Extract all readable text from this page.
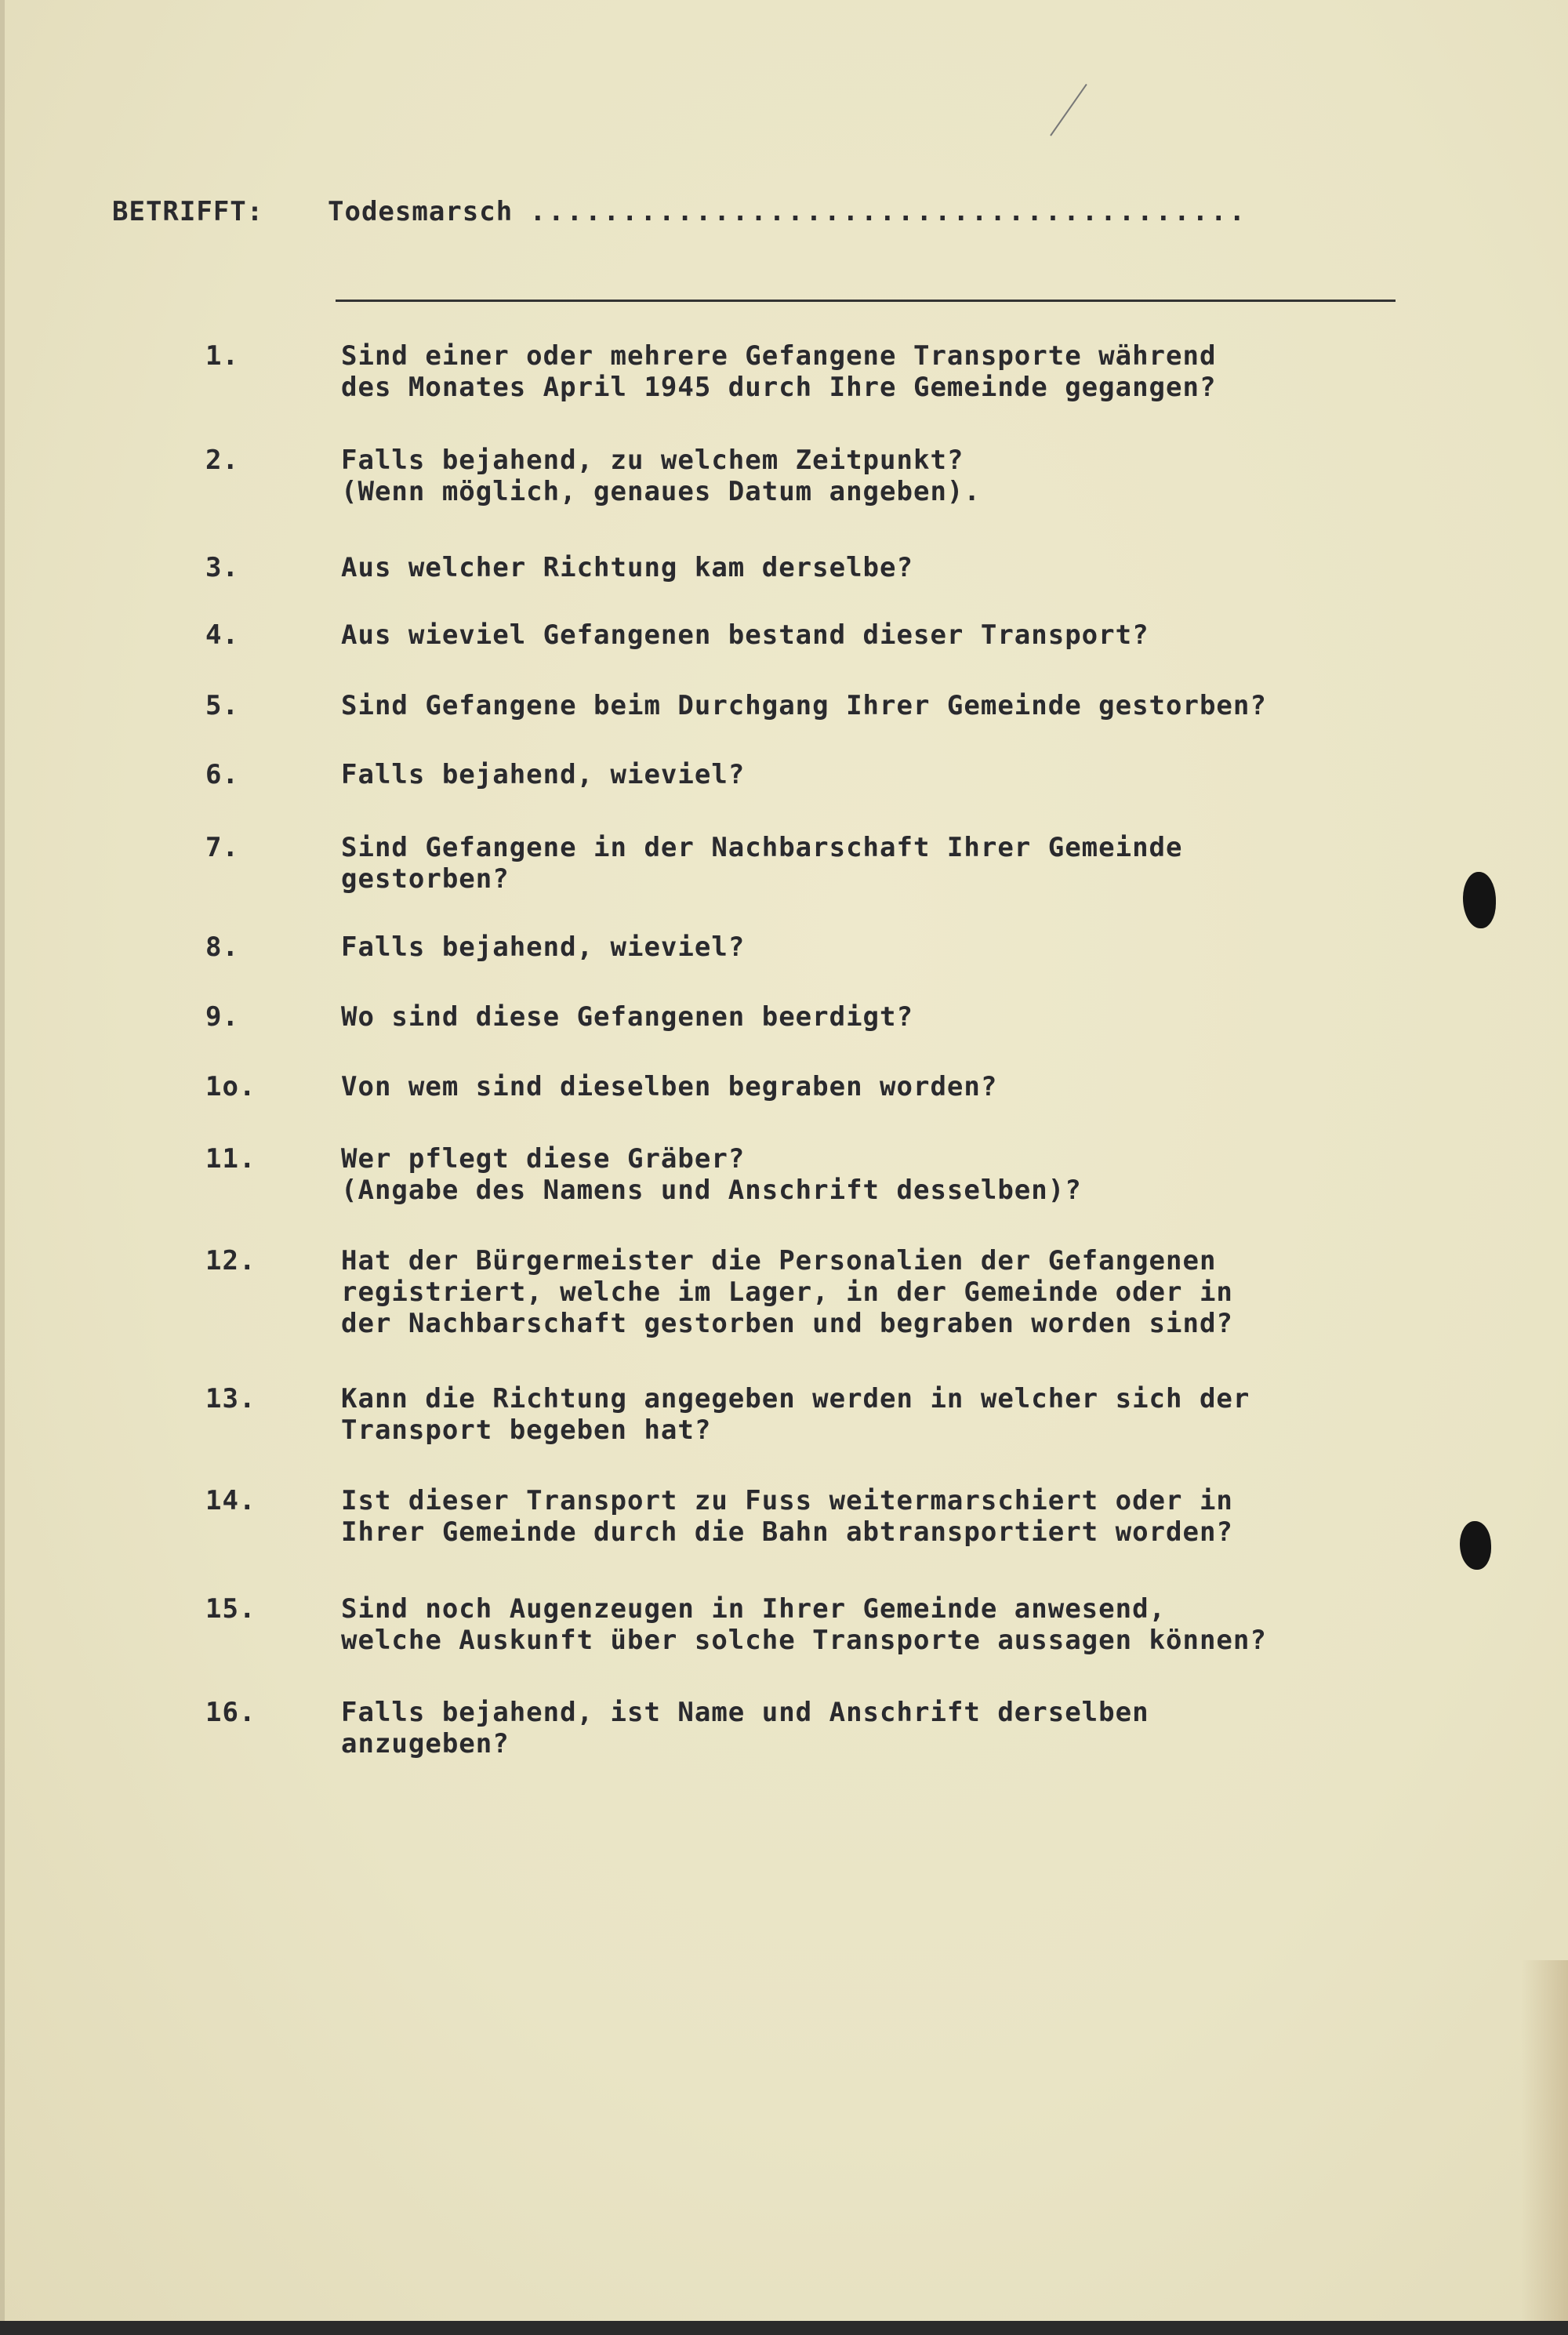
BETRIFFT: Todesmarsch .......................................
1.	Sind einer oder mehrere Gefangene Transporte während
des Monates April 1945 durch Ihre Gemeinde gegangen?
2.	Falls bejahend, zu welchem Zeitpunkt?
(Wenn möglich, genaues Datum angeben).
3.	Aus welcher Richtung kam derselbe?
4.	Aus wieviel Gefangenen bestand dieser Transport?
5.	Sind Gefangene beim Durchgang Ihrer Gemeinde gestorben?
6.	Falls bejahend, wieviel?
7.	Sind Gefangene in der Nachbarschaft Ihrer Gemeinde
gestorben?
8.	Falls bejahend, wieviel?
9.	Wo sind diese Gefangenen beerdigt?
1o.	Von wem sind dieselben begraben worden?
11.	Wer pflegt diese Gräber?
(Angabe des Namens und Anschrift desselben)?
12.	Hat der Bürgermeister die Personalien der Gefangenen
registriert, welche im Lager, in der Gemeinde oder in
der Nachbarschaft gestorben und begraben worden sind?
13.	Kann die Richtung angegeben werden in welcher sich der
Transport begeben hat?
14.	Ist dieser Transport zu Fuss weitermarschiert oder in
Ihrer Gemeinde durch die Bahn abtransportiert worden?
15.	Sind noch Augenzeugen in Ihrer Gemeinde anwesend,
welche Auskunft über solche Transporte aussagen können?
16.	Falls bejahend, ist Name und Anschrift derselben
anzugeben?
